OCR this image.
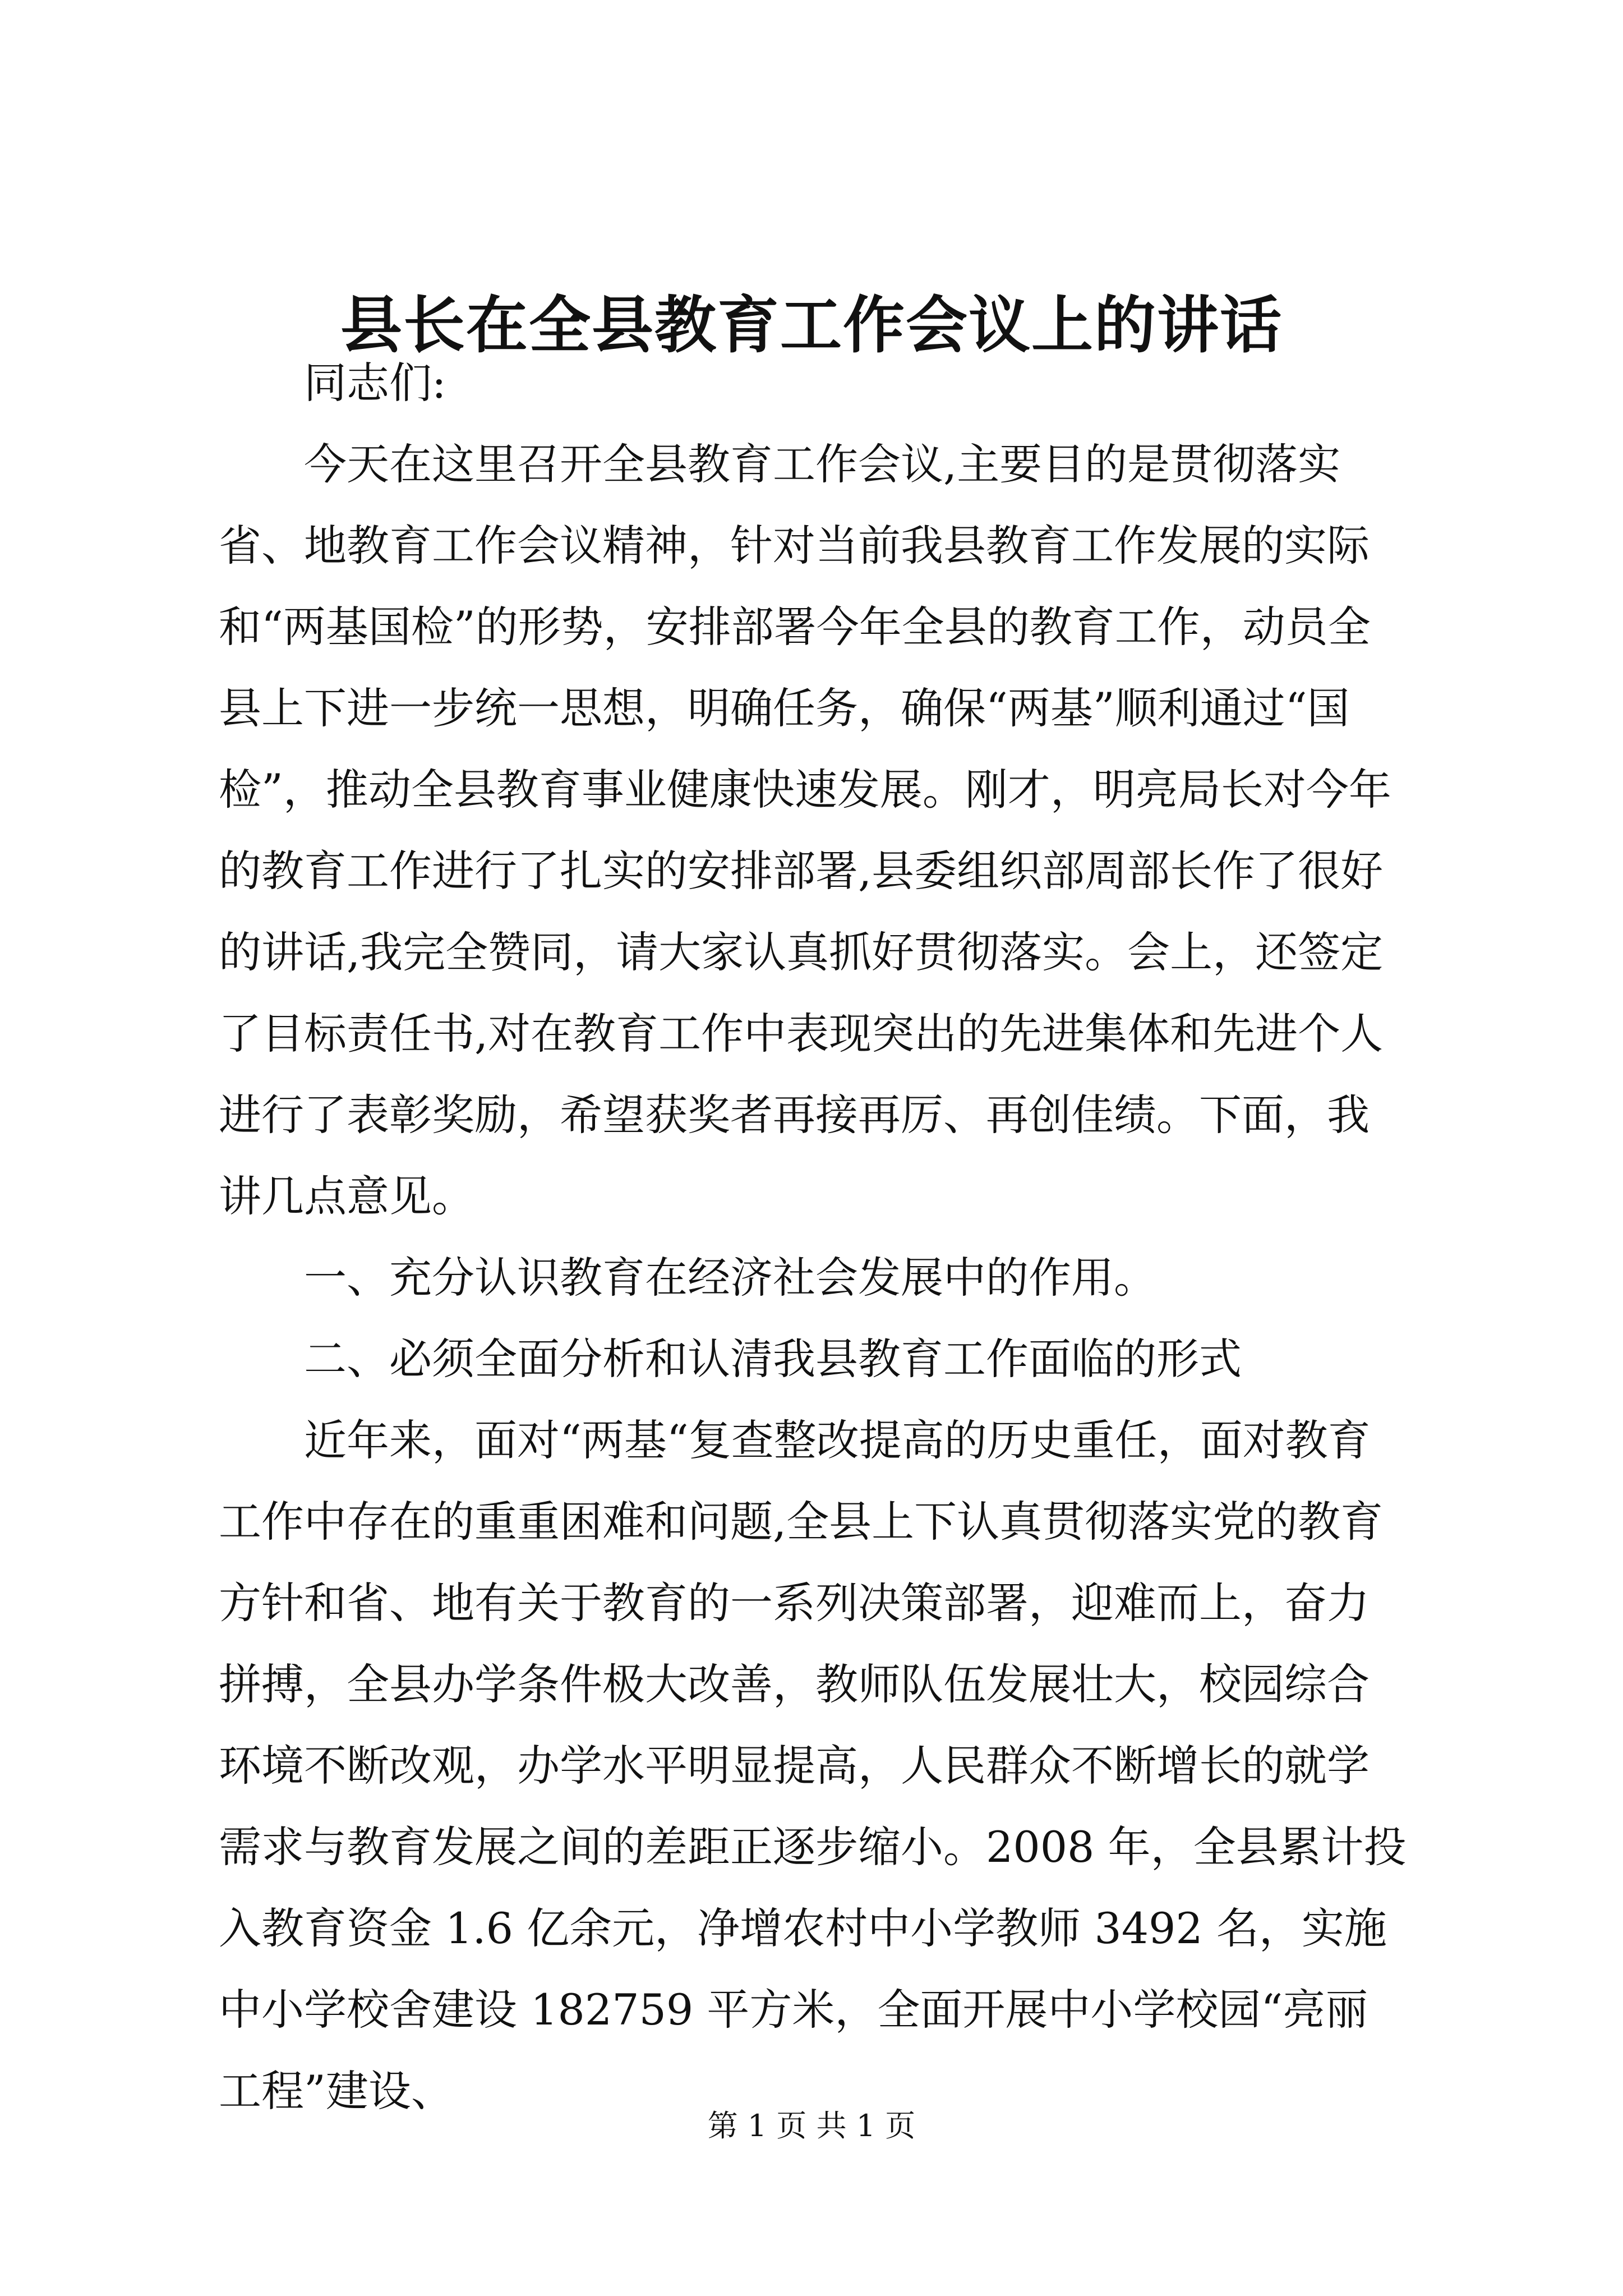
县长在全县教育工作会议上的讲话

同志们:

今天在这里召开全县教育工作会议,主要目的是贯彻落实省、地教育工作会议精神，针对当前我县教育工作发展的实际和“两基国检”的形势，安排部署今年全县的教育工作，动员全县上下进一步统一思想，明确任务，确保“两基”顺利通过“国检”，推动全县教育事业健康快速发展。刚才，明亮局长对今年的教育工作进行了扎实的安排部署,县委组织部周部长作了很好的讲话,我完全赞同，请大家认真抓好贯彻落实。会上，还签定了目标责任书,对在教育工作中表现突出的先进集体和先进个人进行了表彰奖励，希望获奖者再接再厉、再创佳绩。下面，我讲几点意见。

一、充分认识教育在经济社会发展中的作用。

二、必须全面分析和认清我县教育工作面临的形式

近年来，面对“两基“复查整改提高的历史重任，面对教育工作中存在的重重困难和问题,全县上下认真贯彻落实党的教育方针和省、地有关于教育的一系列决策部署，迎难而上，奋力拼搏，全县办学条件极大改善，教师队伍发展壮大，校园综合环境不断改观，办学水平明显提高，人民群众不断增长的就学需求与教育发展之间的差距正逐步缩小。2008 年，全县累计投入教育资金 1.6 亿余元，净增农村中小学教师 3492 名，实施中小学校舍建设 182759 平方米，全面开展中小学校园“亮丽工程”建设、

第 1 页 共 1 页
